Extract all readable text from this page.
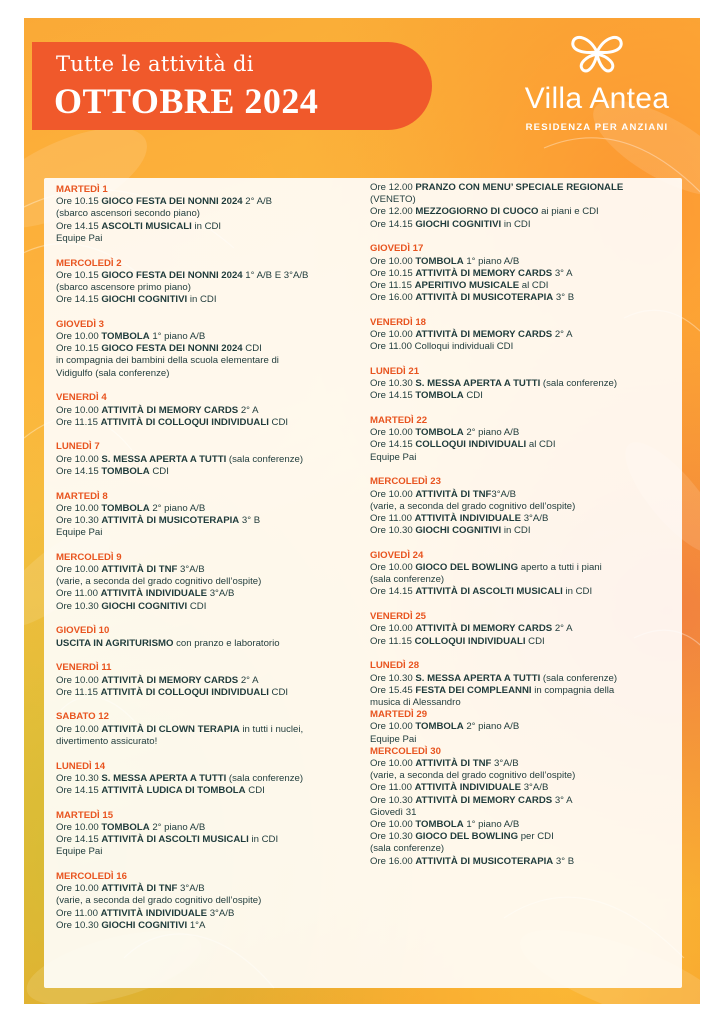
Tutte le attività di
OTTOBRE 2024	Villa Antea
RESIDENZA PER ANZIANI
MARTEDÌ 1
Ore 10.15 GIOCO FESTA DEI NONNI 2024 2° A/B
(sbarco ascensori secondo piano)
Ore 14.15 ASCOLTI MUSICALI in CDI
Equipe Pai
MERCOLEDÌ 2
Ore 10.15 GIOCO FESTA DEI NONNI 2024 1° A/B E 3°A/B
(sbarco ascensore primo piano)
Ore 14.15 GIOCHI COGNITIVI in CDI
GIOVEDÌ 3
Ore 10.00 TOMBOLA 1° piano A/B
Ore 10.15 GIOCO FESTA DEI NONNI 2024 CDI
in compagnia dei bambini della scuola elementare di
Vidigulfo (sala conferenze)
VENERDÌ 4
Ore 10.00 ATTIVITÀ DI MEMORY CARDS 2° A
Ore 11.15 ATTIVITÀ DI COLLOQUI INDIVIDUALI CDI
LUNEDÌ 7
Ore 10.00 S. MESSA APERTA A TUTTI (sala conferenze)
Ore 14.15 TOMBOLA CDI
MARTEDÌ 8
Ore 10.00 TOMBOLA 2° piano A/B
Ore 10.30 ATTIVITÀ DI MUSICOTERAPIA 3° B
Equipe Pai
MERCOLEDÌ 9
Ore 10.00 ATTIVITÀ DI TNF 3°A/B
(varie, a seconda del grado cognitivo dell’ospite)
Ore 11.00 ATTIVITÀ INDIVIDUALE 3°A/B
Ore 10.30 GIOCHI COGNITIVI CDI
GIOVEDÌ 10
USCITA IN AGRITURISMO con pranzo e laboratorio
VENERDÌ 11
Ore 10.00 ATTIVITÀ DI MEMORY CARDS 2° A
Ore 11.15 ATTIVITÀ DI COLLOQUI INDIVIDUALI CDI
SABATO 12
Ore 10.00 ATTIVITÀ DI CLOWN TERAPIA in tutti i nuclei,
divertimento assicurato!
LUNEDÌ 14
Ore 10.30 S. MESSA APERTA A TUTTI (sala conferenze)
Ore 14.15 ATTIVITÀ LUDICA DI TOMBOLA CDI
MARTEDÌ 15
Ore 10.00 TOMBOLA 2° piano A/B
Ore 14.15 ATTIVITÀ DI ASCOLTI MUSICALI in CDI
Equipe Pai
MERCOLEDÌ 16
Ore 10.00 ATTIVITÀ DI TNF 3°A/B
(varie, a seconda del grado cognitivo dell’ospite)
Ore 11.00 ATTIVITÀ INDIVIDUALE 3°A/B
Ore 10.30 GIOCHI COGNITIVI 1°A
Ore 12.00 PRANZO CON MENU’ SPECIALE REGIONALE
(VENETO)
Ore 12.00 MEZZOGIORNO DI CUOCO ai piani e CDI
Ore 14.15 GIOCHI COGNITIVI in CDI
GIOVEDÌ 17
Ore 10.00 TOMBOLA 1° piano A/B
Ore 10.15 ATTIVITÀ DI MEMORY CARDS 3° A
Ore 11.15 APERITIVO MUSICALE al CDI
Ore 16.00 ATTIVITÀ DI MUSICOTERAPIA 3° B
VENERDÌ 18
Ore 10.00 ATTIVITÀ DI MEMORY CARDS 2° A
Ore 11.00 Colloqui individuali CDI
LUNEDÌ 21
Ore 10.30 S. MESSA APERTA A TUTTI (sala conferenze)
Ore 14.15 TOMBOLA CDI
MARTEDÌ 22
Ore 10.00 TOMBOLA 2° piano A/B
Ore 14.15 COLLOQUI INDIVIDUALI al CDI
Equipe Pai
MERCOLEDÌ 23
Ore 10.00 ATTIVITÀ DI TNF3°A/B
(varie, a seconda del grado cognitivo dell’ospite)
Ore 11.00 ATTIVITÀ INDIVIDUALE 3°A/B
Ore 10.30 GIOCHI COGNITIVI in CDI
GIOVEDÌ 24
Ore 10.00 GIOCO DEL BOWLING aperto a tutti i piani
(sala conferenze)
Ore 14.15 ATTIVITÀ DI ASCOLTI MUSICALI in CDI
VENERDÌ 25
Ore 10.00 ATTIVITÀ DI MEMORY CARDS 2° A
Ore 11.15 COLLOQUI INDIVIDUALI CDI
LUNEDÌ 28
Ore 10.30 S. MESSA APERTA A TUTTI (sala conferenze)
Ore 15.45 FESTA DEI COMPLEANNI in compagnia della
musica di Alessandro
MARTEDÌ 29
Ore 10.00 TOMBOLA 2° piano A/B
Equipe Pai
MERCOLEDÌ 30
Ore 10.00 ATTIVITÀ DI TNF 3°A/B
(varie, a seconda del grado cognitivo dell’ospite)
Ore 11.00 ATTIVITÀ INDIVIDUALE 3°A/B
Ore 10.30 ATTIVITÀ DI MEMORY CARDS 3° A
Giovedì 31
Ore 10.00 TOMBOLA 1° piano A/B
Ore 10.30 GIOCO DEL BOWLING per CDI
(sala conferenze)
Ore 16.00 ATTIVITÀ DI MUSICOTERAPIA 3° B
